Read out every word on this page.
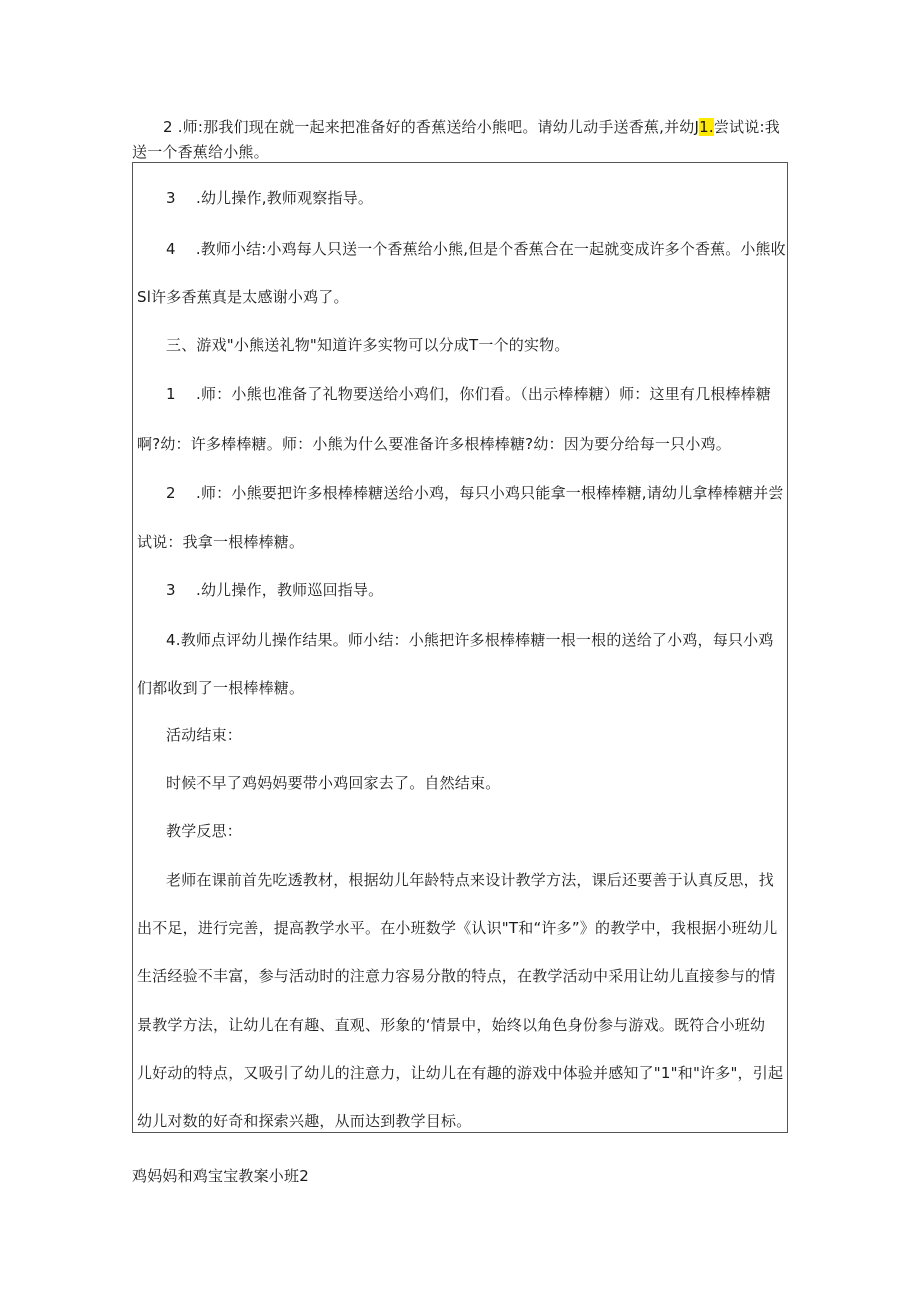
2 .师:那我们现在就一起来把准备好的香蕉送给小熊吧。请幼儿动手送香蕉,并幼J1.尝试说:我
送一个香蕉给小熊。
3 .幼儿操作,教师观察指导。
4 .教师小结:小鸡每人只送一个香蕉给小熊,但是个香蕉合在一起就变成许多个香蕉。小熊收
Sl许多香蕉真是太感谢小鸡了。
三、游戏"小熊送礼物"知道许多实物可以分成T一个的实物。
1 .师：小熊也准备了礼物要送给小鸡们，你们看。（出示棒棒糖）师：这里有几根棒棒糖
啊?幼：许多棒棒糖。师：小熊为什么要准备许多根棒棒糖?幼：因为要分给每一只小鸡。
2 .师：小熊要把许多根棒棒糖送给小鸡，每只小鸡只能拿一根棒棒糖,请幼儿拿棒棒糖并尝
试说：我拿一根棒棒糖。
3 .幼儿操作，教师巡回指导。
4.教师点评幼儿操作结果。师小结：小熊把许多根棒棒糖一根一根的送给了小鸡，每只小鸡
们都收到了一根棒棒糖。
活动结束：
时候不早了鸡妈妈要带小鸡回家去了。自然结束。
教学反思：
老师在课前首先吃透教材，根据幼儿年龄特点来设计教学方法，课后还要善于认真反思，找
出不足，进行完善，提高教学水平。在小班数学《认识"T和“许多”》的教学中，我根据小班幼儿
生活经验不丰富，参与活动时的注意力容易分散的特点，在教学活动中采用让幼儿直接参与的情
景教学方法，让幼儿在有趣、直观、形象的‘情景中，始终以角色身份参与游戏。既符合小班幼
儿好动的特点，又吸引了幼儿的注意力，让幼儿在有趣的游戏中体验并感知了"1"和"许多"，引起
幼儿对数的好奇和探索兴趣，从而达到教学目标。
鸡妈妈和鸡宝宝教案小班2
